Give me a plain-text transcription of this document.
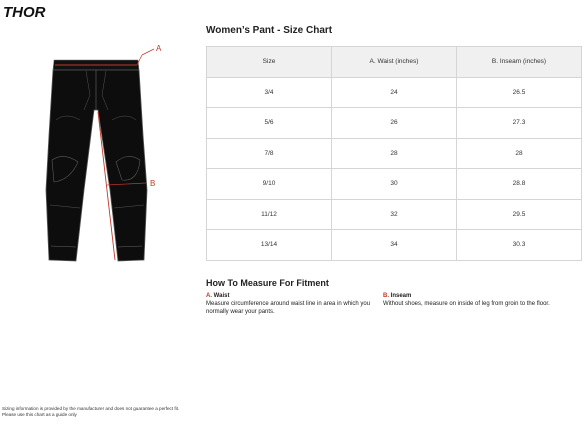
THOR
A
B
Women’s Pant - Size Chart
Size	A. Waist (inches)	B. Inseam (inches)
3/4	24	26.5
5/6	26	27.3
7/8	28	28
9/10	30	28.8
11/12	32	29.5
13/14	34	30.3
How To Measure For Fitment
A. Waist
Measure circumference around waist line in area in which you normally wear your pants.
B. Inseam
Without shoes, measure on inside of leg from groin to the floor.
Sizing information is provided by the manufacturer and does not guarantee a perfect fit.
Please use this chart as a guide only
